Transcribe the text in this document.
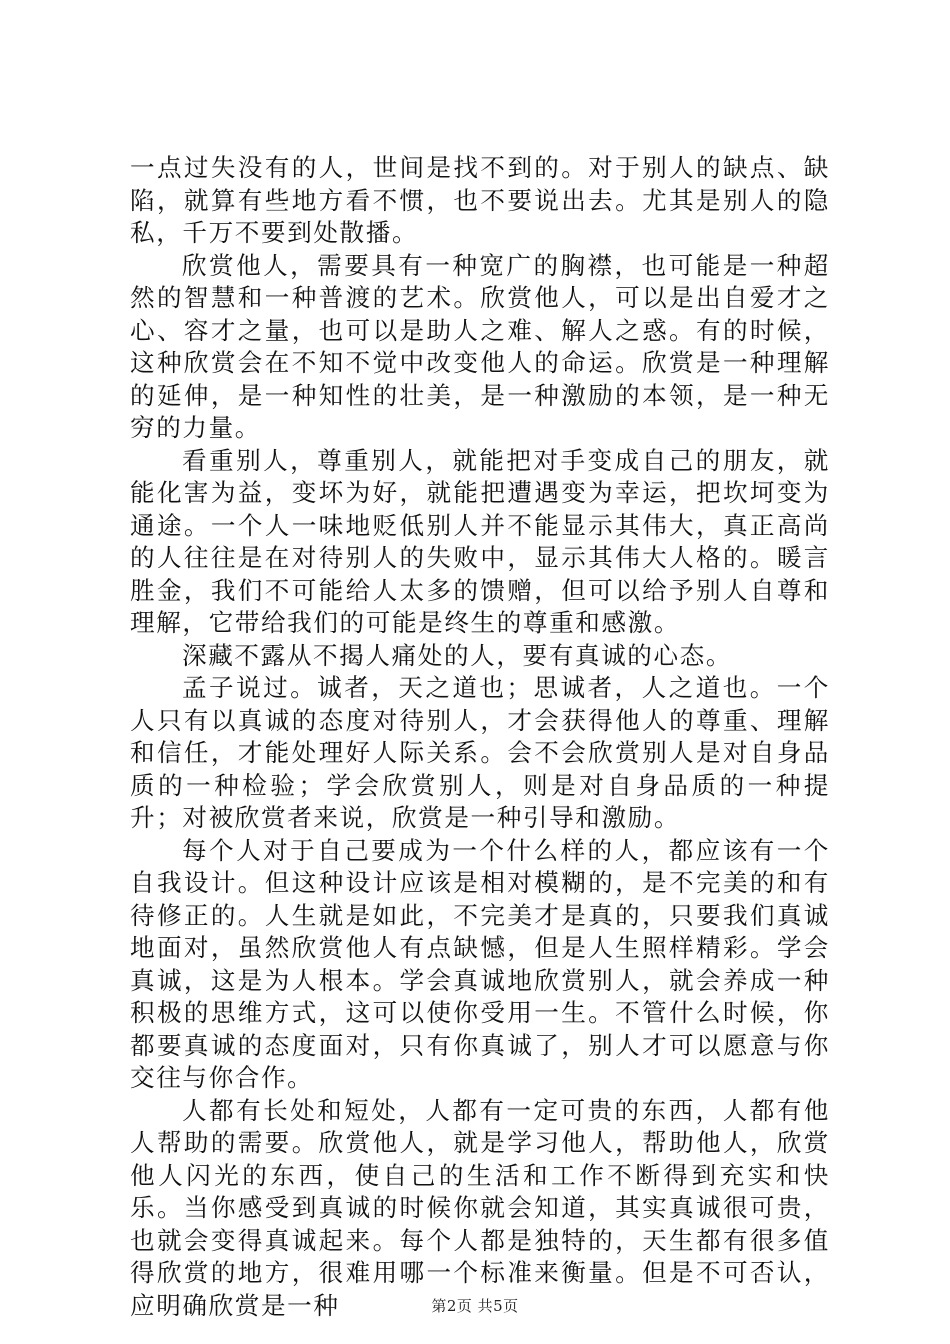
一点过失没有的人，世间是找不到的。对于别人的缺点、缺陷，就算有些地方看不惯，也不要说出去。尤其是别人的隐私，千万不要到处散播。

欣赏他人，需要具有一种宽广的胸襟，也可能是一种超然的智慧和一种普渡的艺术。欣赏他人，可以是出自爱才之心、容才之量，也可以是助人之难、解人之惑。有的时候，这种欣赏会在不知不觉中改变他人的命运。欣赏是一种理解的延伸，是一种知性的壮美，是一种激励的本领，是一种无穷的力量。

看重别人，尊重别人，就能把对手变成自己的朋友，就能化害为益，变坏为好，就能把遭遇变为幸运，把坎坷变为通途。一个人一味地贬低别人并不能显示其伟大，真正高尚的人往往是在对待别人的失败中，显示其伟大人格的。暖言胜金，我们不可能给人太多的馈赠，但可以给予别人自尊和理解，它带给我们的可能是终生的尊重和感激。

深藏不露从不揭人痛处的人，要有真诚的心态。

孟子说过。诚者，天之道也；思诚者，人之道也。一个人只有以真诚的态度对待别人，才会获得他人的尊重、理解和信任，才能处理好人际关系。会不会欣赏别人是对自身品质的一种检验；学会欣赏别人，则是对自身品质的一种提升；对被欣赏者来说，欣赏是一种引导和激励。

每个人对于自己要成为一个什么样的人，都应该有一个自我设计。但这种设计应该是相对模糊的，是不完美的和有待修正的。人生就是如此，不完美才是真的，只要我们真诚地面对，虽然欣赏他人有点缺憾，但是人生照样精彩。学会真诚，这是为人根本。学会真诚地欣赏别人，就会养成一种积极的思维方式，这可以使你受用一生。不管什么时候，你都要真诚的态度面对，只有你真诚了，别人才可以愿意与你交往与你合作。

人都有长处和短处，人都有一定可贵的东西，人都有他人帮助的需要。欣赏他人，就是学习他人，帮助他人，欣赏他人闪光的东西，使自己的生活和工作不断得到充实和快乐。当你感受到真诚的时候你就会知道，其实真诚很可贵，也就会变得真诚起来。每个人都是独特的，天生都有很多值得欣赏的地方，很难用哪一个标准来衡量。但是不可否认，应明确欣赏是一种	第2页 共5页
